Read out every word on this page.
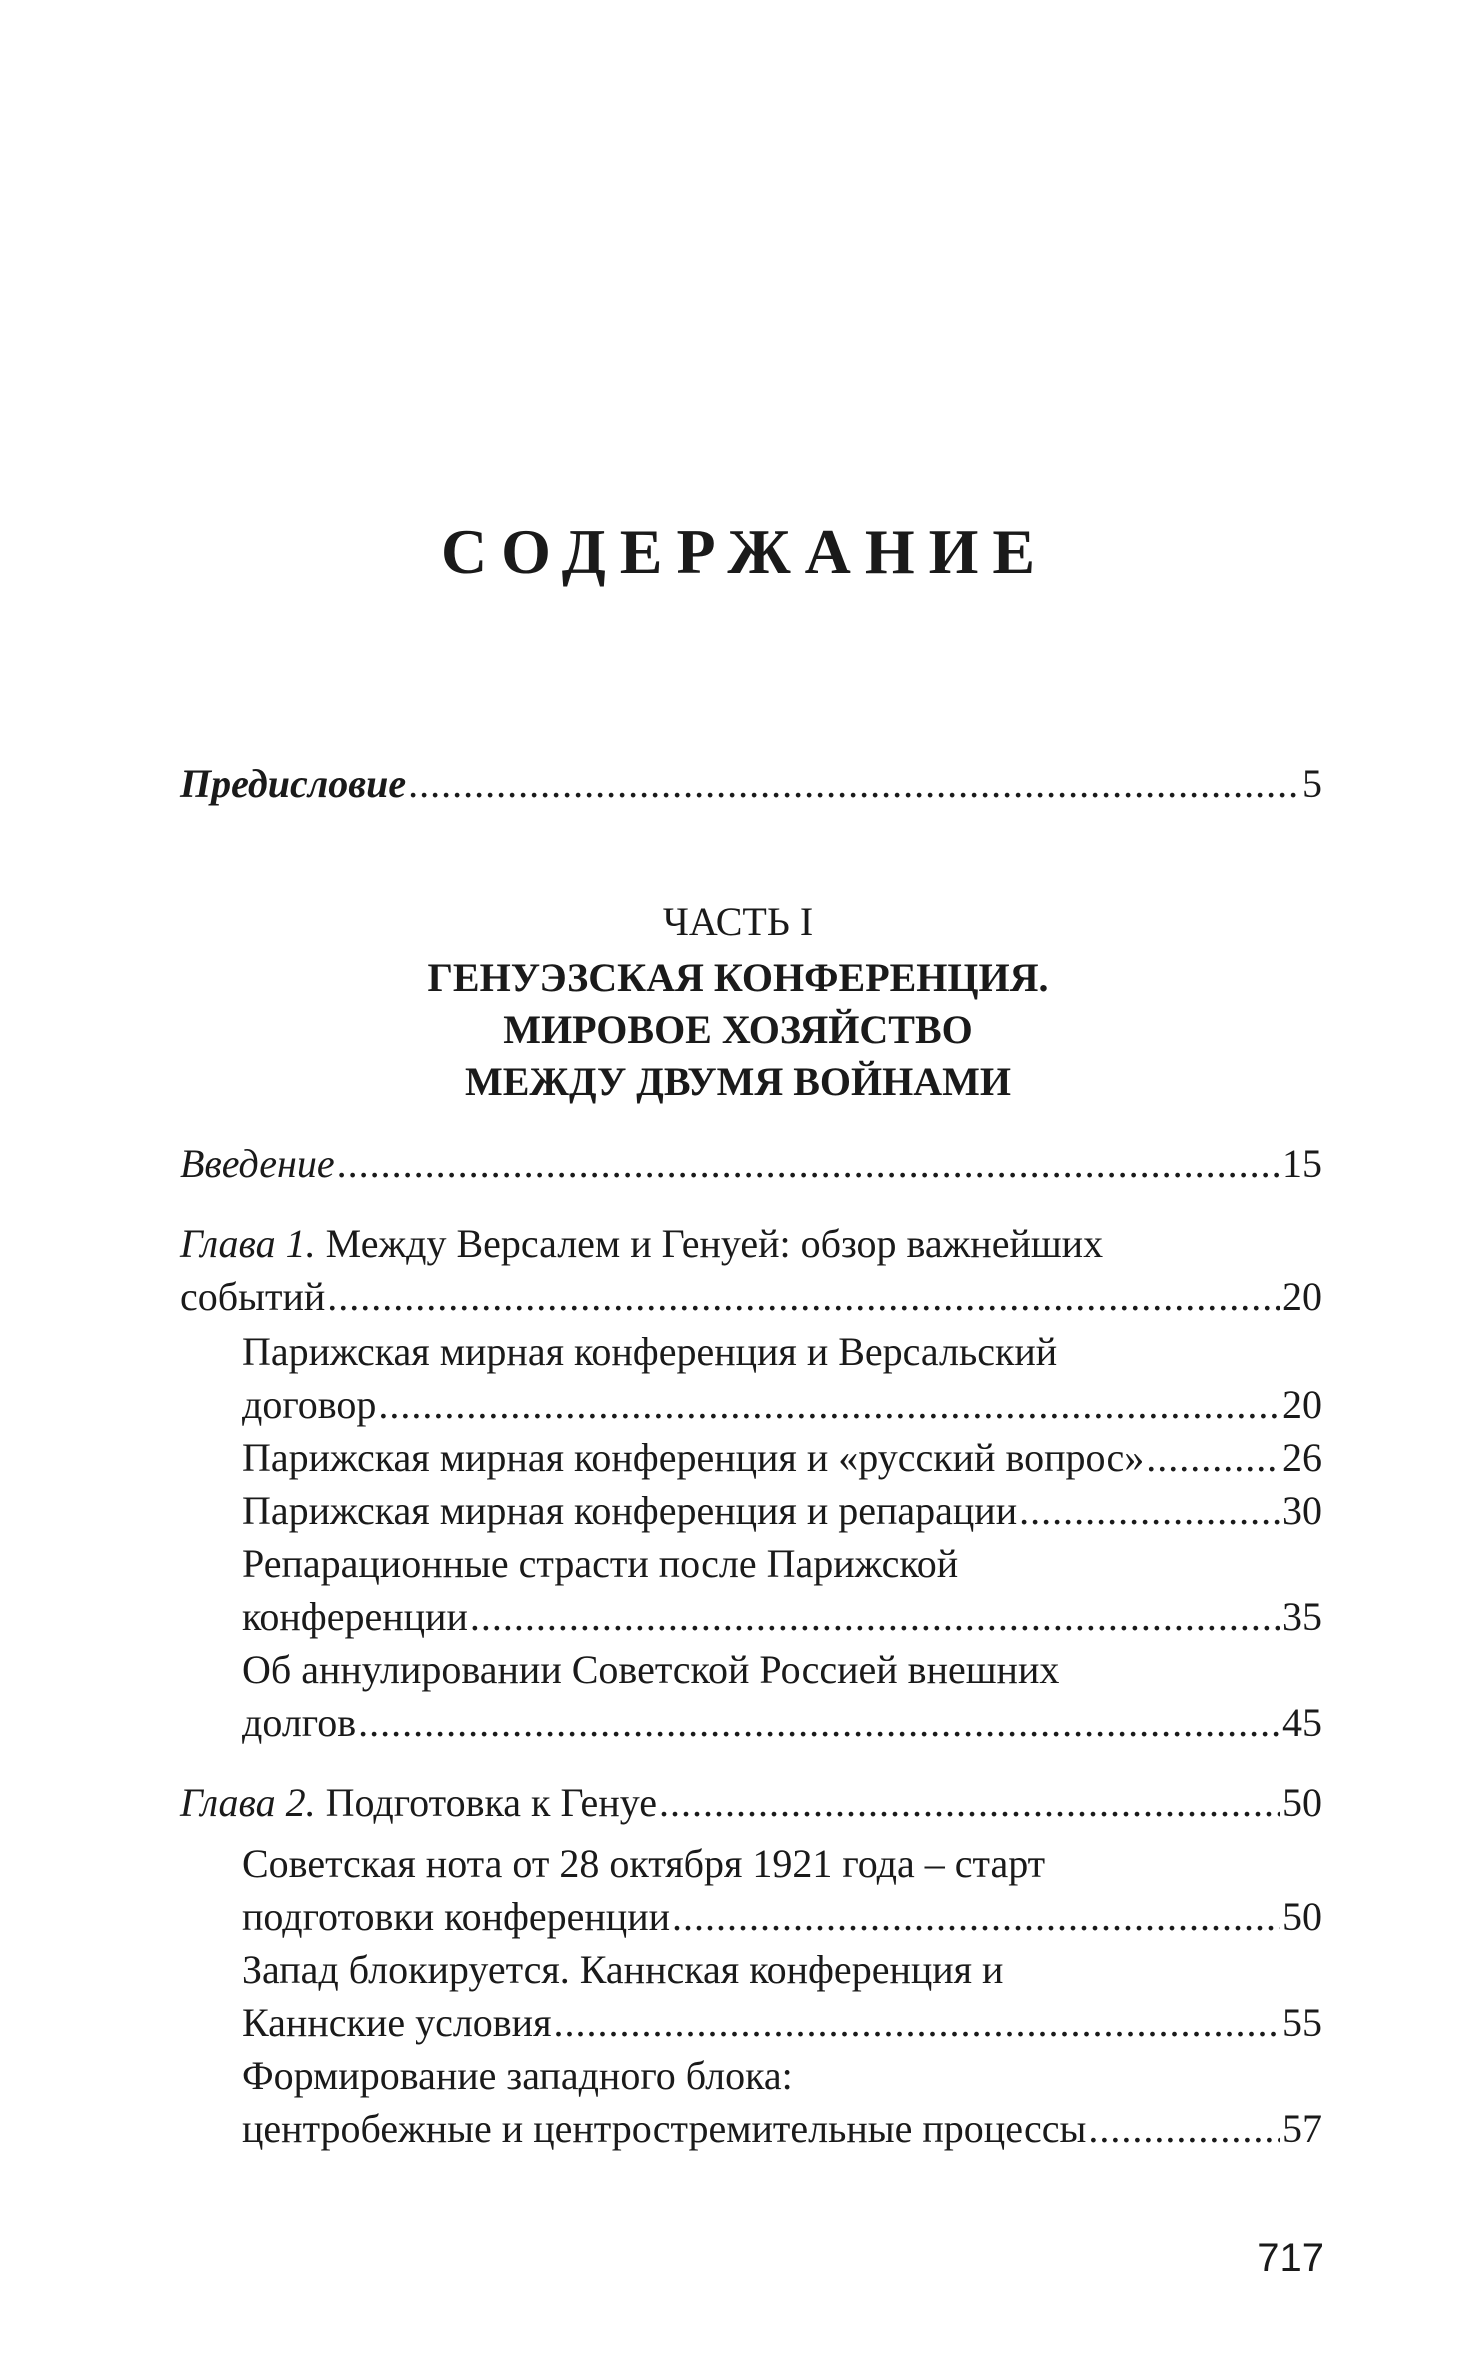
СОДЕРЖАНИЕ
Предисловие .....	5
ЧАСТЬ I
ГЕНУЭЗСКАЯ КОНФЕРЕНЦИЯ.
МИРОВОЕ ХОЗЯЙСТВО
МЕЖДУ ДВУМЯ ВОЙНАМИ
Введение .....	15
Глава 1. Между Версалем и Генуей: обзор важнейших
событий .....	20
Парижская мирная конференция и Версальский
договор .....	20
Парижская мирная конференция и «русский вопрос» .....	26
Парижская мирная конференция и репарации .....	30
Репарационные страсти после Парижской
конференции .....	35
Об аннулировании Советской Россией внешних
долгов .....	45
Глава 2. Подготовка к Генуе .....	50
Советская нота от 28 октября 1921 года – старт
подготовки конференции .....	50
Запад блокируется. Каннская конференция и
Каннские условия .....	55
Формирование западного блока:
центробежные и центростремительные процессы .....	57
717
